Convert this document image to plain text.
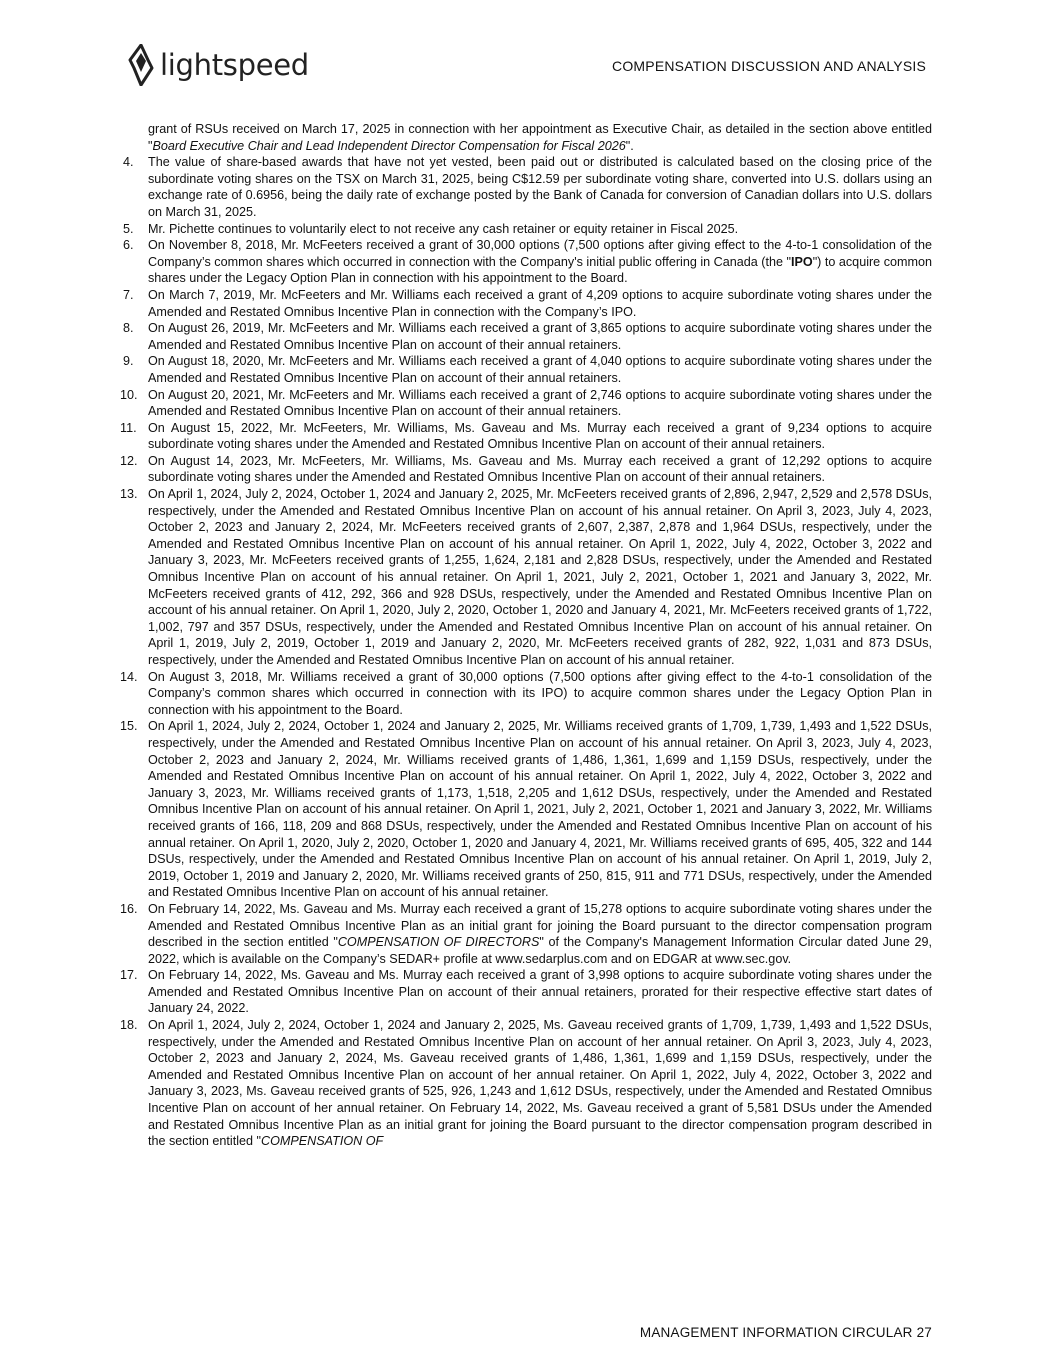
lightspeed	COMPENSATION DISCUSSION AND ANALYSIS
grant of RSUs received on March 17, 2025 in connection with her appointment as Executive Chair, as detailed in the section above entitled "Board Executive Chair and Lead Independent Director Compensation for Fiscal 2026".
4. The value of share-based awards that have not yet vested, been paid out or distributed is calculated based on the closing price of the subordinate voting shares on the TSX on March 31, 2025, being C$12.59 per subordinate voting share, converted into U.S. dollars using an exchange rate of 0.6956, being the daily rate of exchange posted by the Bank of Canada for conversion of Canadian dollars into U.S. dollars on March 31, 2025.
5. Mr. Pichette continues to voluntarily elect to not receive any cash retainer or equity retainer in Fiscal 2025.
6. On November 8, 2018, Mr. McFeeters received a grant of 30,000 options (7,500 options after giving effect to the 4-to-1 consolidation of the Company’s common shares which occurred in connection with the Company's initial public offering in Canada (the "IPO") to acquire common shares under the Legacy Option Plan in connection with his appointment to the Board.
7. On March 7, 2019, Mr. McFeeters and Mr. Williams each received a grant of 4,209 options to acquire subordinate voting shares under the Amended and Restated Omnibus Incentive Plan in connection with the Company’s IPO.
8. On August 26, 2019, Mr. McFeeters and Mr. Williams each received a grant of 3,865 options to acquire subordinate voting shares under the Amended and Restated Omnibus Incentive Plan on account of their annual retainers.
9. On August 18, 2020, Mr. McFeeters and Mr. Williams each received a grant of 4,040 options to acquire subordinate voting shares under the Amended and Restated Omnibus Incentive Plan on account of their annual retainers.
10. On August 20, 2021, Mr. McFeeters and Mr. Williams each received a grant of 2,746 options to acquire subordinate voting shares under the Amended and Restated Omnibus Incentive Plan on account of their annual retainers.
11. On August 15, 2022, Mr. McFeeters, Mr. Williams, Ms. Gaveau and Ms. Murray each received a grant of 9,234 options to acquire subordinate voting shares under the Amended and Restated Omnibus Incentive Plan on account of their annual retainers.
12. On August 14, 2023, Mr. McFeeters, Mr. Williams, Ms. Gaveau and Ms. Murray each received a grant of 12,292 options to acquire subordinate voting shares under the Amended and Restated Omnibus Incentive Plan on account of their annual retainers.
13. On April 1, 2024, July 2, 2024, October 1, 2024 and January 2, 2025, Mr. McFeeters received grants of 2,896, 2,947, 2,529 and 2,578 DSUs, respectively, under the Amended and Restated Omnibus Incentive Plan on account of his annual retainer. On April 3, 2023, July 4, 2023, October 2, 2023 and January 2, 2024, Mr. McFeeters received grants of 2,607, 2,387, 2,878 and 1,964 DSUs, respectively, under the Amended and Restated Omnibus Incentive Plan on account of his annual retainer. On April 1, 2022, July 4, 2022, October 3, 2022 and January 3, 2023, Mr. McFeeters received grants of 1,255, 1,624, 2,181 and 2,828 DSUs, respectively, under the Amended and Restated Omnibus Incentive Plan on account of his annual retainer. On April 1, 2021, July 2, 2021, October 1, 2021 and January 3, 2022, Mr. McFeeters received grants of 412, 292, 366 and 928 DSUs, respectively, under the Amended and Restated Omnibus Incentive Plan on account of his annual retainer. On April 1, 2020, July 2, 2020, October 1, 2020 and January 4, 2021, Mr. McFeeters received grants of 1,722, 1,002, 797 and 357 DSUs, respectively, under the Amended and Restated Omnibus Incentive Plan on account of his annual retainer. On April 1, 2019, July 2, 2019, October 1, 2019 and January 2, 2020, Mr. McFeeters received grants of 282, 922, 1,031 and 873 DSUs, respectively, under the Amended and Restated Omnibus Incentive Plan on account of his annual retainer.
14. On August 3, 2018, Mr. Williams received a grant of 30,000 options (7,500 options after giving effect to the 4-to-1 consolidation of the Company’s common shares which occurred in connection with its IPO) to acquire common shares under the Legacy Option Plan in connection with his appointment to the Board.
15. On April 1, 2024, July 2, 2024, October 1, 2024 and January 2, 2025, Mr. Williams received grants of 1,709, 1,739, 1,493 and 1,522 DSUs, respectively, under the Amended and Restated Omnibus Incentive Plan on account of his annual retainer. On April 3, 2023, July 4, 2023, October 2, 2023 and January 2, 2024, Mr. Williams received grants of 1,486, 1,361, 1,699 and 1,159 DSUs, respectively, under the Amended and Restated Omnibus Incentive Plan on account of his annual retainer. On April 1, 2022, July 4, 2022, October 3, 2022 and January 3, 2023, Mr. Williams received grants of 1,173, 1,518, 2,205 and 1,612 DSUs, respectively, under the Amended and Restated Omnibus Incentive Plan on account of his annual retainer. On April 1, 2021, July 2, 2021, October 1, 2021 and January 3, 2022, Mr. Williams received grants of 166, 118, 209 and 868 DSUs, respectively, under the Amended and Restated Omnibus Incentive Plan on account of his annual retainer. On April 1, 2020, July 2, 2020, October 1, 2020 and January 4, 2021, Mr. Williams received grants of 695, 405, 322 and 144 DSUs, respectively, under the Amended and Restated Omnibus Incentive Plan on account of his annual retainer. On April 1, 2019, July 2, 2019, October 1, 2019 and January 2, 2020, Mr. Williams received grants of 250, 815, 911 and 771 DSUs, respectively, under the Amended and Restated Omnibus Incentive Plan on account of his annual retainer.
16. On February 14, 2022, Ms. Gaveau and Ms. Murray each received a grant of 15,278 options to acquire subordinate voting shares under the Amended and Restated Omnibus Incentive Plan as an initial grant for joining the Board pursuant to the director compensation program described in the section entitled "COMPENSATION OF DIRECTORS" of the Company's Management Information Circular dated June 29, 2022, which is available on the Company’s SEDAR+ profile at www.sedarplus.com and on EDGAR at www.sec.gov.
17. On February 14, 2022, Ms. Gaveau and Ms. Murray each received a grant of 3,998 options to acquire subordinate voting shares under the Amended and Restated Omnibus Incentive Plan on account of their annual retainers, prorated for their respective effective start dates of January 24, 2022.
18. On April 1, 2024, July 2, 2024, October 1, 2024 and January 2, 2025, Ms. Gaveau received grants of 1,709, 1,739, 1,493 and 1,522 DSUs, respectively, under the Amended and Restated Omnibus Incentive Plan on account of her annual retainer. On April 3, 2023, July 4, 2023, October 2, 2023 and January 2, 2024, Ms. Gaveau received grants of 1,486, 1,361, 1,699 and 1,159 DSUs, respectively, under the Amended and Restated Omnibus Incentive Plan on account of her annual retainer. On April 1, 2022, July 4, 2022, October 3, 2022 and January 3, 2023, Ms. Gaveau received grants of 525, 926, 1,243 and 1,612 DSUs, respectively, under the Amended and Restated Omnibus Incentive Plan on account of her annual retainer. On February 14, 2022, Ms. Gaveau received a grant of 5,581 DSUs under the Amended and Restated Omnibus Incentive Plan as an initial grant for joining the Board pursuant to the director compensation program described in the section entitled "COMPENSATION OF
MANAGEMENT INFORMATION CIRCULAR 27
